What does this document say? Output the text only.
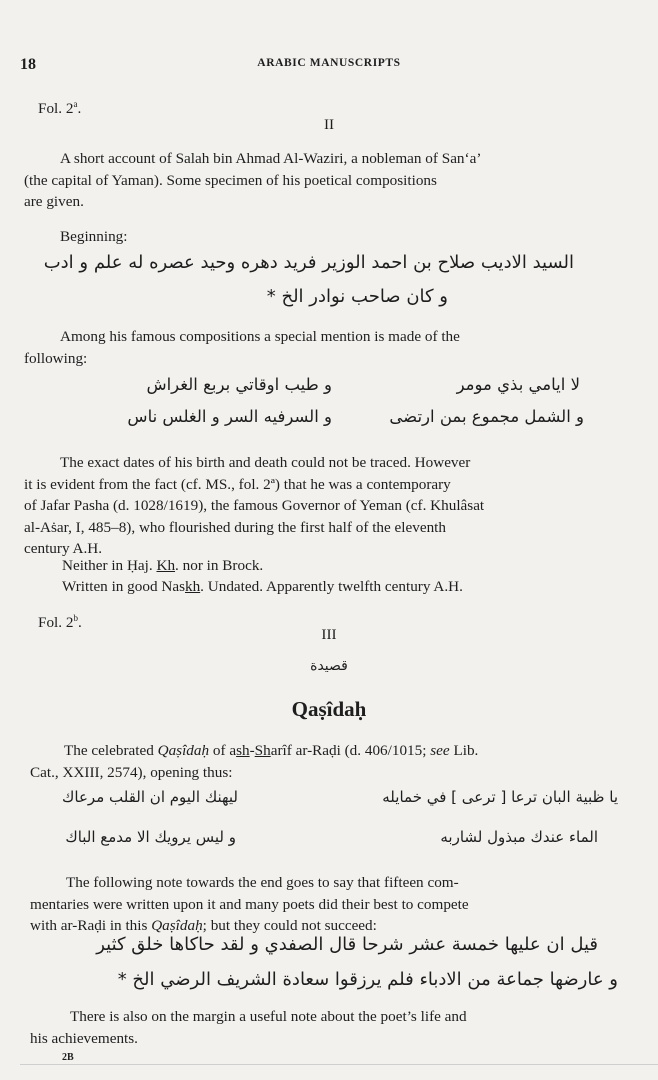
18	ARABIC MANUSCRIPTS
Fol. 2$^a$.
II
A short account of Salah bin Ahmad Al-Waziri, a nobleman of San‘a’
(the capital of Yaman). Some specimen of his poetical compositions
are given.
Beginning:
السيد الاديب صلاح بن احمد الوزير فريد دهره وحيد عصره له علم و ادب
و كان صاحب نوادر الخ *
Among his famous compositions a special mention is made of the
following:
لا ايامي بذي مومر
و طيب اوقاتي بربع الغراش
و الشمل مجموع بمن ارتضى
و السرفيه السر و الغلس ناس
The exact dates of his birth and death could not be traced. However
it is evident from the fact (cf. MS., fol. 2ª) that he was a contemporary
of Jafar Pasha (d. 1028/1619), the famous Governor of Yeman (cf. Khulâsat
al-Aṡar, I, 485–8), who flourished during the first half of the eleventh
century A.H.
Neither in Ḥaj. Kh. nor in Brock.
Written in good Naskh. Undated. Apparently twelfth century A.H.
Fol. 2$^b$.
III
قصيدة
Qaṣîdaḥ
The celebrated Qaṣîdaḥ of ash-Sharîf ar-Raḍi (d. 406/1015; see Lib.
Cat., XXIII, 2574), opening thus:
يا ظبية البان ترعا [ ترعى ] في خمايله
ليهنك اليوم ان القلب مرعاك
الماء عندك مبذول لشاربه
و ليس يرويك الا مدمع الباك
The following note towards the end goes to say that fifteen com-
mentaries were written upon it and many poets did their best to compete
with ar-Raḍi in this Qaṣîdaḥ; but they could not succeed:
قيل ان عليها خمسة عشر شرحا قال الصفدي و لقد حاكاها خلق كثير
و عارضها جماعة من الادباء فلم يرزقوا سعادة الشريف الرضي الخ *
There is also on the margin a useful note about the poet’s life and
his achievements.
2B
